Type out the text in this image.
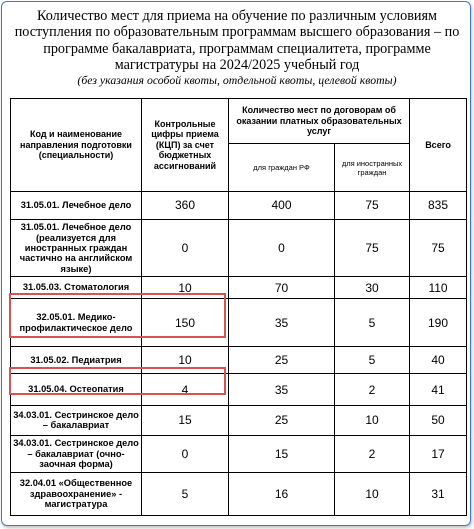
Количество мест для приема на обучение по различным условиям поступления по образовательным программам высшего образования – по программе бакалавриата, программам специалитета, программе магистратуры на 2024/2025 учебный год
(без указания особой квоты, отдельной квоты, целевой квоты)
Код и наименование направления подготовки (специальности)	Контрольные цифры приема (КЦП) за счет бюджетных ассигнований	Количество мест по договорам об оказании платных образовательных услуг		Всего
		для граждан РФ	для иностранных граждан	
31.05.01. Лечебное дело	360	400	75	835
31.05.01. Лечебное дело (реализуется для иностранных граждан частично на английском языке)	0	0	75	75
31.05.03. Стоматология	10	70	30	110
32.05.01. Медико-профилактическое дело	150	35	5	190
31.05.02. Педиатрия	10	25	5	40
31.05.04. Остеопатия	4	35	2	41
34.03.01. Сестринское дело – бакалавриат	15	25	10	50
34.03.01. Сестринское дело – бакалавриат (очно-заочная форма)	0	15	2	17
32.04.01 «Общественное здравоохранение» - магистратура	5	16	10	31
